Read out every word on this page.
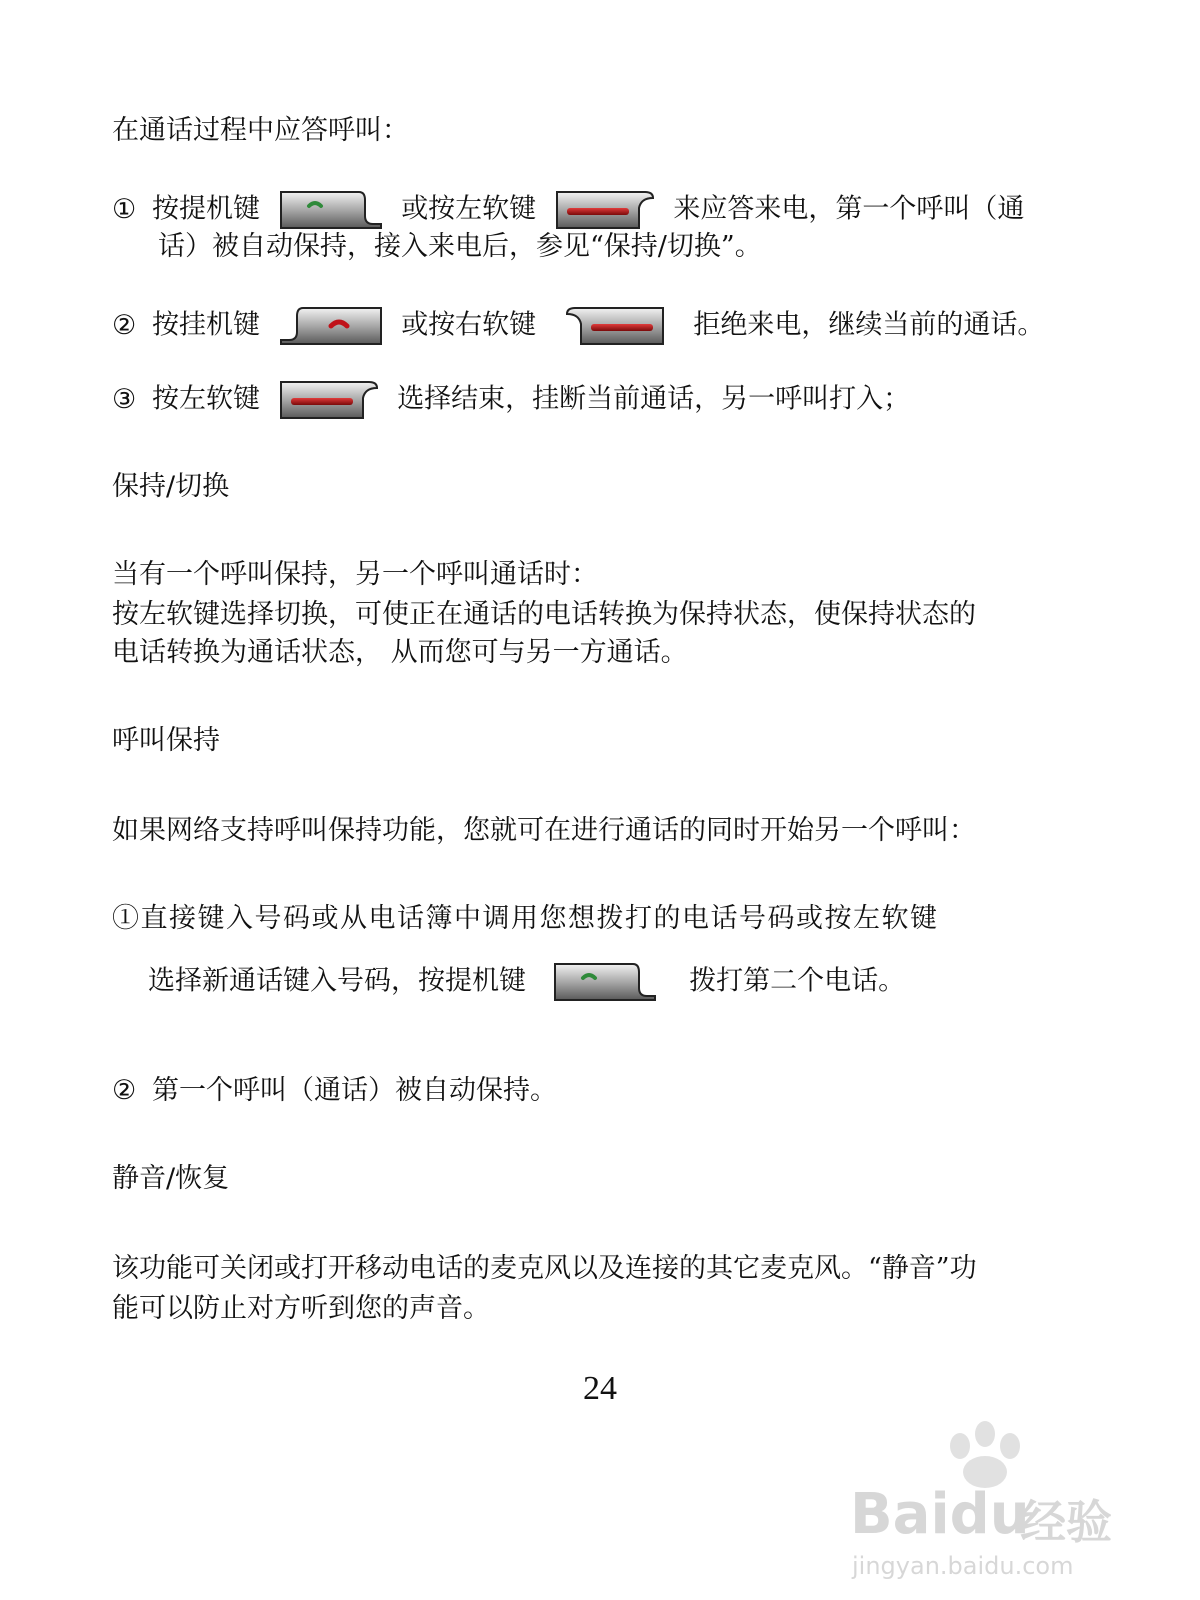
在通话过程中应答呼叫：
① 按提机键	或按左软键	来应答来电，第一个呼叫（通
话）被自动保持，接入来电后，参见“保持/切换”。
② 按挂机键	或按右软键	拒绝来电，继续当前的通话。
③ 按左软键	选择结束，挂断当前通话，另一呼叫打入；
保持/切换
当有一个呼叫保持，另一个呼叫通话时：
按左软键选择切换，可使正在通话的电话转换为保持状态，使保持状态的
电话转换为通话状态， 从而您可与另一方通话。
呼叫保持
如果网络支持呼叫保持功能，您就可在进行通话的同时开始另一个呼叫：
①直接键入号码或从电话簿中调用您想拨打的电话号码或按左软键
选择新通话键入号码，按提机键	拨打第二个电话。
② 第一个呼叫（通话）被自动保持。
静音/恢复
该功能可关闭或打开移动电话的麦克风以及连接的其它麦克风。“静音”功
能可以防止对方听到您的声音。
24
Baidu
经验
jingyan.baidu.com
